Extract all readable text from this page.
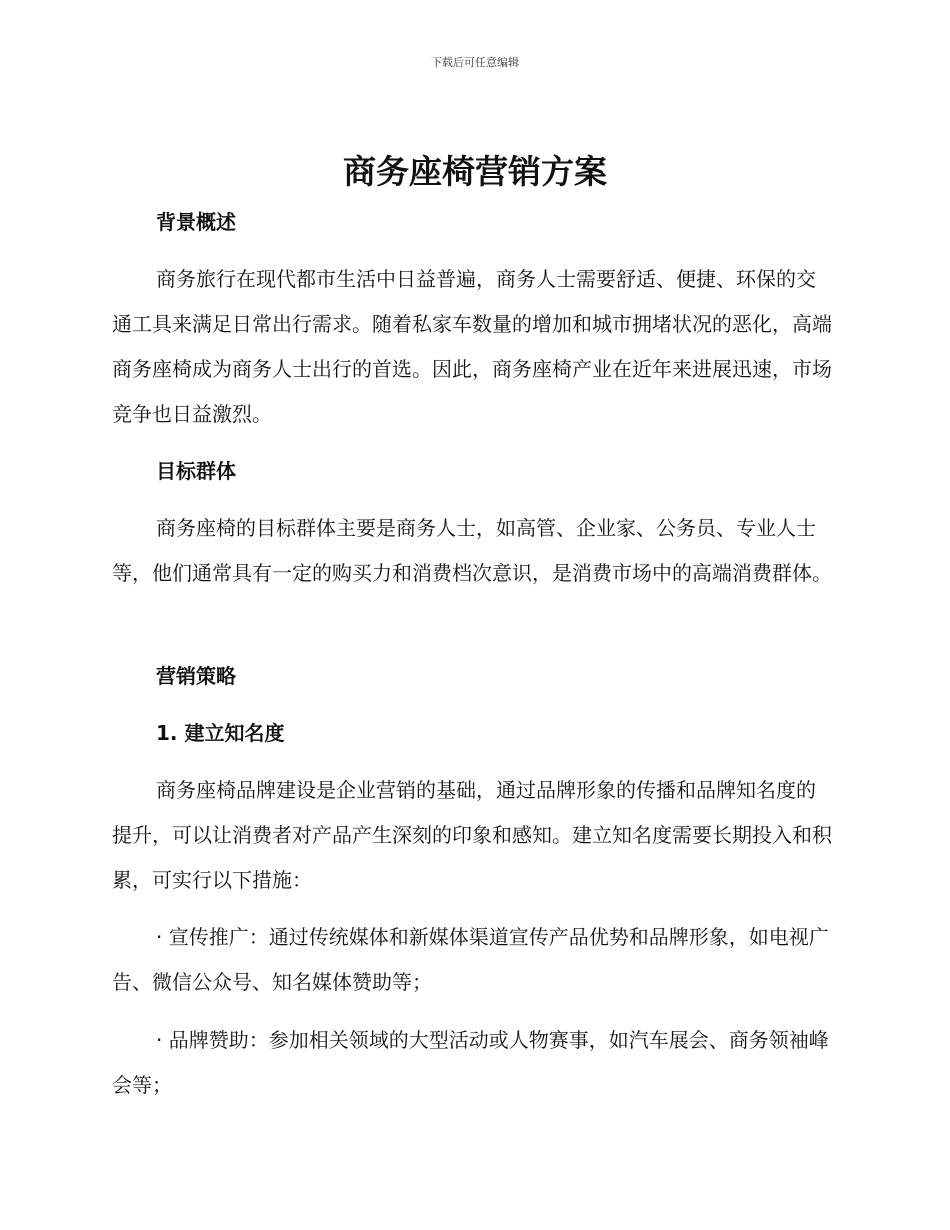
下载后可任意编辑
商务座椅营销方案
背景概述

商务旅行在现代都市生活中日益普遍，商务人士需要舒适、便捷、环保的交通工具来满足日常出行需求。随着私家车数量的增加和城市拥堵状况的恶化，高端商务座椅成为商务人士出行的首选。因此，商务座椅产业在近年来进展迅速，市场竞争也日益激烈。

目标群体

商务座椅的目标群体主要是商务人士，如高管、企业家、公务员、专业人士等，他们通常具有一定的购买力和消费档次意识，是消费市场中的高端消费群体。

营销策略
1. 建立知名度

商务座椅品牌建设是企业营销的基础，通过品牌形象的传播和品牌知名度的提升，可以让消费者对产品产生深刻的印象和感知。建立知名度需要长期投入和积累，可实行以下措施：

· 宣传推广：通过传统媒体和新媒体渠道宣传产品优势和品牌形象，如电视广告、微信公众号、知名媒体赞助等；

· 品牌赞助：参加相关领域的大型活动或人物赛事，如汽车展会、商务领袖峰会等；
